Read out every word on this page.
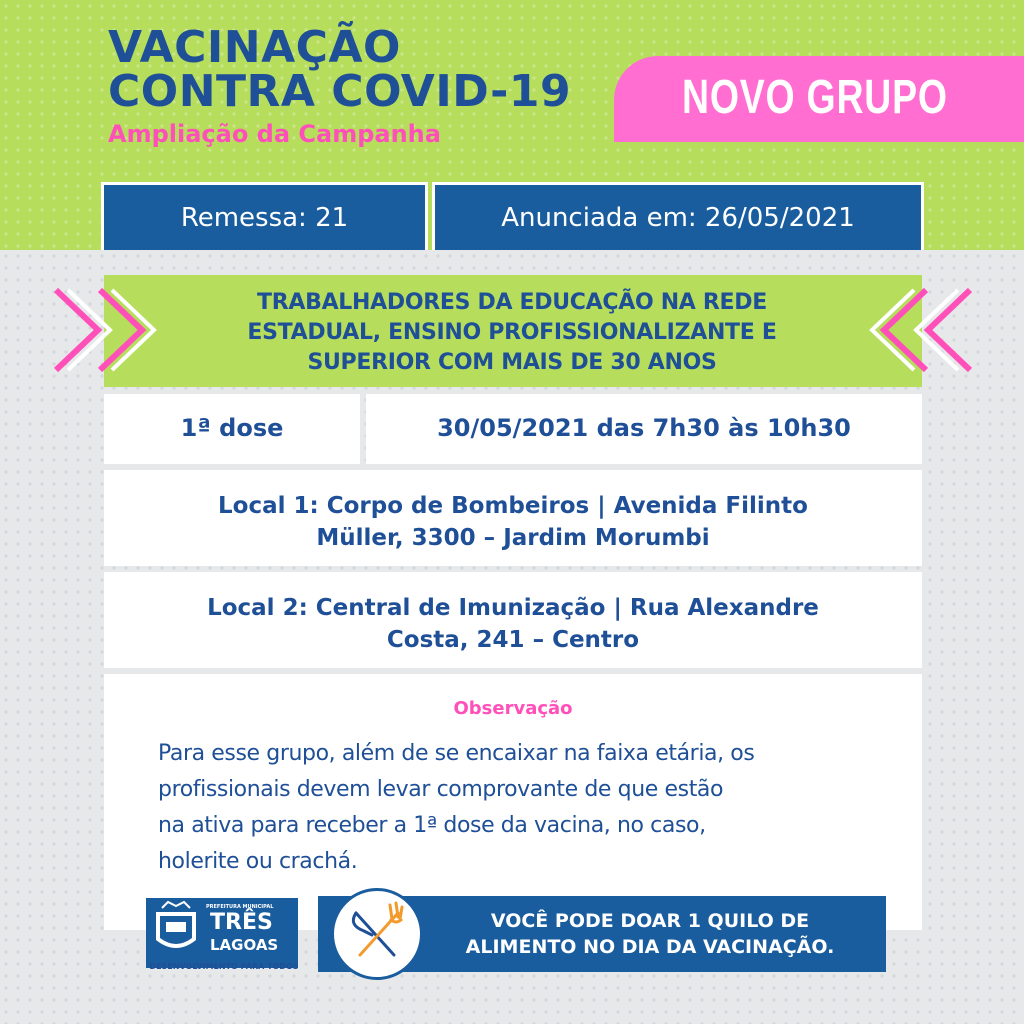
VACINAÇÃO
CONTRA COVID-19
Ampliação da Campanha
NOVO GRUPO
Remessa: 21	Anunciada em: 26/05/2021
TRABALHADORES DA EDUCAÇÃO NA REDE
ESTADUAL, ENSINO PROFISSIONALIZANTE E
SUPERIOR COM MAIS DE 30 ANOS
1ª dose	30/05/2021 das 7h30 às 10h30
Local 1: Corpo de Bombeiros | Avenida Filinto
Müller, 3300 – Jardim Morumbi
Local 2: Central de Imunização | Rua Alexandre
Costa, 241 – Centro
Observação
Para esse grupo, além de se encaixar na faixa etária, os
profissionais devem levar comprovante de que estão
na ativa para receber a 1ª dose da vacina, no caso,
holerite ou crachá.
PREFEITURA MUNICIPAL
TRÊS
LAGOAS
DESENVOLVIMENTO PARA TODOS
VOCÊ PODE DOAR 1 QUILO DE
ALIMENTO NO DIA DA VACINAÇÃO.
